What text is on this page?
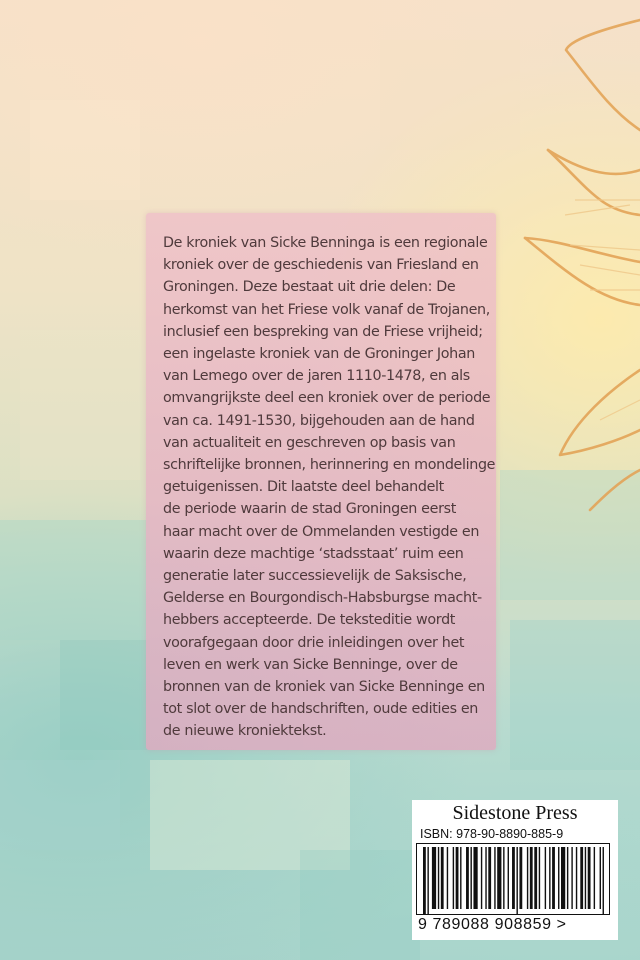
De kroniek van Sicke Benninga is een regionale
kroniek over de geschiedenis van Friesland en
Groningen. Deze bestaat uit drie delen: De
herkomst van het Friese volk vanaf de Trojanen,
inclusief een bespreking van de Friese vrijheid;
een ingelaste kroniek van de Groninger Johan
van Lemego over de jaren 1110-1478, en als
omvangrijkste deel een kroniek over de periode
van ca. 1491-1530, bijgehouden aan de hand
van actualiteit en geschreven op basis van
schriftelijke bronnen, herinnering en mondelinge
getuigenissen. Dit laatste deel behandelt
de periode waarin de stad Groningen eerst
haar macht over de Ommelanden vestigde en
waarin deze machtige ‘stadsstaat’ ruim een
generatie later successievelijk de Saksische,
Gelderse en Bourgondisch-Habsburgse macht-
hebbers accepteerde. De teksteditie wordt
voorafgegaan door drie inleidingen over het
leven en werk van Sicke Benninge, over de
bronnen van de kroniek van Sicke Benninge en
tot slot over de handschriften, oude edities en
de nieuwe kroniektekst.

Sidestone Press
ISBN: 978-90-8890-885-9
9 789088 908859 >
